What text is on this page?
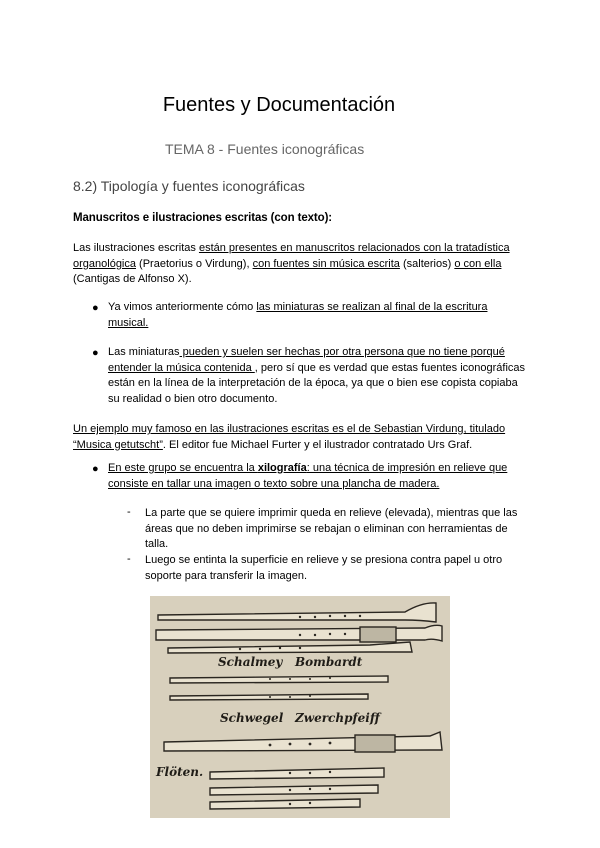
Fuentes y Documentación
TEMA 8 - Fuentes iconográficas
8.2) Tipología y fuentes iconográficas
Manuscritos e ilustraciones escritas (con texto):
Las ilustraciones escritas están presentes en manuscritos relacionados con la tratadística organológica (Praetorius o Virdung), con fuentes sin música escrita (salterios) o con ella (Cantigas de Alfonso X).
● Ya vimos anteriormente cómo las miniaturas se realizan al final de la escritura musical.
● Las miniaturas pueden y suelen ser hechas por otra persona que no tiene porqué entender la música contenida , pero sí que es verdad que estas fuentes iconográficas están en la línea de la interpretación de la época, ya que o bien ese copista copiaba su realidad o bien otro documento.
Un ejemplo muy famoso en las ilustraciones escritas es el de Sebastian Virdung, titulado “Musica getutscht”. El editor fue Michael Furter y el ilustrador contratado Urs Graf.
● En este grupo se encuentra la xilografía: una técnica de impresión en relieve que consiste en tallar una imagen o texto sobre una plancha de madera.
- La parte que se quiere imprimir queda en relieve (elevada), mientras que las áreas que no deben imprimirse se rebajan o eliminan con herramientas de talla.
- Luego se entinta la superficie en relieve y se presiona contra papel u otro soporte para transferir la imagen.
Schalmey Bombardt
Schwegel Zwerchpfeiff
Flöten.
